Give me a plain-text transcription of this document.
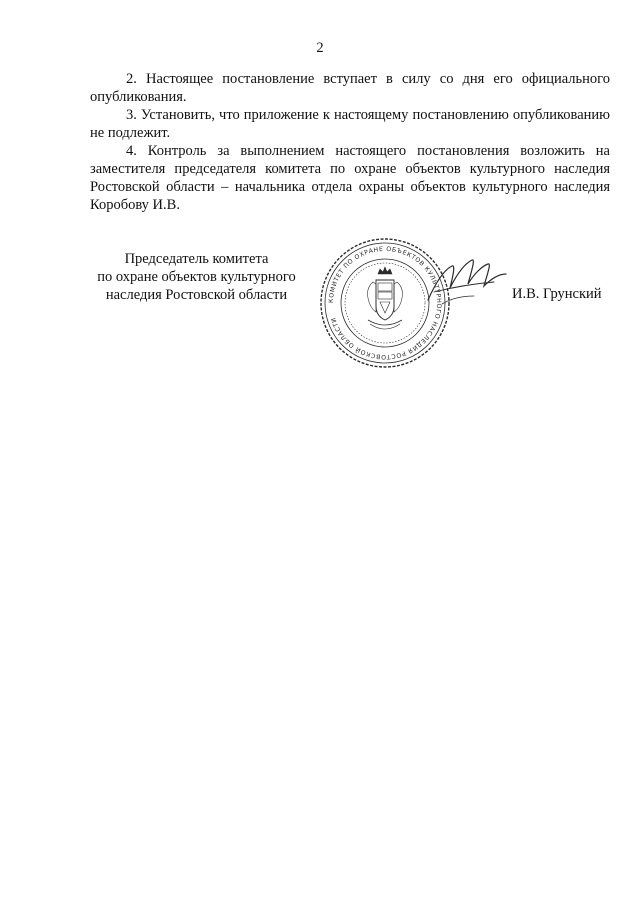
2

2. Настоящее постановление вступает в силу со дня его официального опубликования.

3. Установить, что приложение к настоящему постановлению опубликованию не подлежит.

4. Контроль за выполнением настоящего постановления возложить на заместителя председателя комитета по охране объектов культурного наследия Ростовской области – начальника отдела охраны объектов культурного наследия Коробову И.В.

Председатель комитета
по охране объектов культурного
наследия Ростовской области	КОМИТЕТ ПО ОХРАНЕ ОБЪЕКТОВ КУЛЬТУРНОГО НАСЛЕДИЯ РОСТОВСКОЙ ОБЛАСТИ
И.В. Грунский
